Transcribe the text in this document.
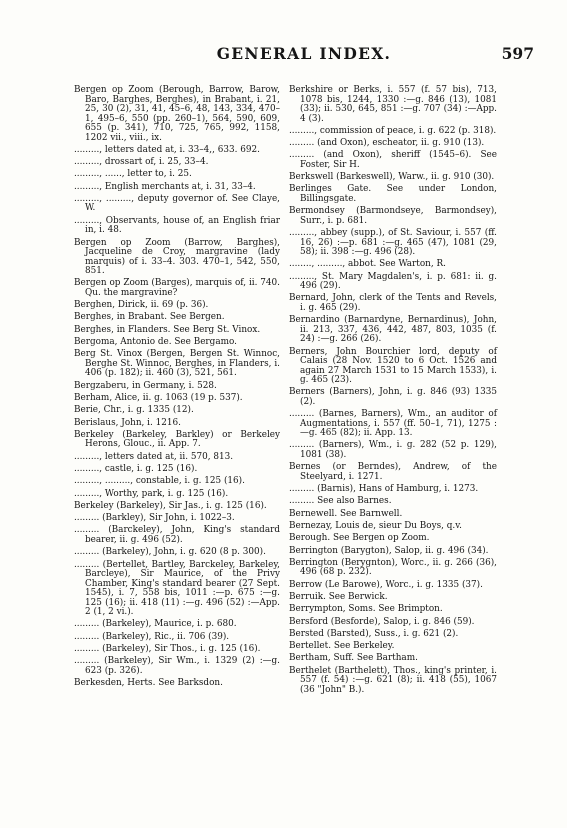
GENERAL INDEX.	597

Bergen op Zoom (Berough, Barrow, Barow, Baro, Barghes, Berghes), in Brabant, i. 21, 25, 30 (2), 31, 41, 45–6, 48, 143, 334, 470–1, 495–6, 550 (pp. 260–1), 564, 590, 609, 655 (p. 341), 710, 725, 765, 992, 1158, 1202 vii., viii., ix.

........., letters dated at, i. 33–4,, 633. 692.

........., drossart of, i. 25, 33–4.

........., ......, letter to, i. 25.

........., English merchants at, i. 31, 33–4.

........., ........., deputy governor of. See Claye, W.

........., Observants, house of, an English friar in, i. 48.

Bergen op Zoom (Barrow, Barghes), Jacqueline de Croy, margravine (lady marquis) of i. 33–4. 303. 470–1, 542, 550, 851.

Bergen op Zoom (Barges), marquis of, ii. 740. Qu. the margravine?

Berghen, Dirick, ii. 69 (p. 36).

Berghes, in Brabant. See Bergen.

Berghes, in Flanders. See Berg St. Vinox.

Bergoma, Antonio de. See Bergamo.

Berg St. Vinox (Bergen, Bergen St. Winnoc, Berghe St. Winnoc, Berghes, in Flanders, i. 406 (p. 182); ii. 460 (3), 521, 561.

Bergzaberu, in Germany, i. 528.

Berham, Alice, ii. g. 1063 (19 p. 537).

Berie, Chr., i. g. 1335 (12).

Berislaus, John, i. 1216.

Berkeley (Barkeley, Barkley) or Berkeley Herons, Glouc., ii. App. 7.

........., letters dated at, ii. 570, 813.

........., castle, i. g. 125 (16).

........., ........., constable, i. g. 125 (16).

........., Worthy, park, i. g. 125 (16).

Berkeley (Barkeley), Sir Jas., i. g. 125 (16).

......... (Barkley), Sir John, i. 1022–3.

......... (Barckeley), John, King's standard bearer, ii. g. 496 (52).

......... (Barkeley), John, i. g. 620 (8 p. 300).

......... (Bertellet, Bartley, Barckeley, Barkeley, Barcleye), Sir Maurice, of the Privy Chamber, King's standard bearer (27 Sept. 1545), i. 7, 558 bis, 1011 :—p. 675 :—g. 125 (16); ii. 418 (11) :—g. 496 (52) :—App. 2 (1, 2 vi.).

......... (Barkeley), Maurice, i. p. 680.

......... (Barkeley), Ric., ii. 706 (39).

......... (Barkeley), Sir Thos., i. g. 125 (16).

......... (Barkeley), Sir Wm., i. 1329 (2) :—g. 623 (p. 326).

Berkesden, Herts. See Barksdon.

Berkshire or Berks, i. 557 (f. 57 bis), 713, 1078 bis, 1244, 1330 :—g. 846 (13), 1081 (33); ii. 530, 645, 851 :—g. 707 (34) :—App. 4 (3).

........., commission of peace, i. g. 622 (p. 318).

......... (and Oxon), escheator, ii. g. 910 (13).

......... (and Oxon), sheriff (1545–6). See Foster, Sir H.

Berkswell (Barkeswell), Warw., ii. g. 910 (30).

Berlinges Gate. See under London, Billingsgate.

Bermondsey (Barmondseye, Barmondsey), Surr., i. p. 681.

........., abbey (supp.), of St. Saviour, i. 557 (ff. 16, 26) :—p. 681 :—g. 465 (47), 1081 (29, 58); ii. 398 :—g. 496 (28).

........, ........., abbot. See Warton, R.

........., St. Mary Magdalen's, i. p. 681: ii. g. 496 (29).

Bernard, John, clerk of the Tents and Revels, i. g. 465 (29).

Bernardino (Barnardyne, Bernardinus), John, ii. 213, 337, 436, 442, 487, 803, 1035 (f. 24) :—g. 266 (26).

Berners, John Bourchier lord, deputy of Calais (28 Nov. 1520 to 6 Oct. 1526 and again 27 March 1531 to 15 March 1533), i. g. 465 (23).

Berners (Barners), John, i. g. 846 (93) 1335 (2).

......... (Barnes, Barners), Wm., an auditor of Augmentations, i. 557 (ff. 50–1, 71), 1275 :—g. 465 (82); ii. App. 13.

......... (Barners), Wm., i. g. 282 (52 p. 129), 1081 (38).

Bernes (or Berndes), Andrew, of the Steelyard, i. 1271.

......... (Barnis), Hans of Hamburg, i. 1273.

......... See also Barnes.

Bernewell. See Barnwell.

Bernezay, Louis de, sieur Du Boys, q.v.

Berough. See Bergen op Zoom.

Berrington (Barygton), Salop, ii. g. 496 (34).

Berrington (Berygnton), Worc., ii. g. 266 (36), 496 (68 p. 232).

Berrow (Le Barowe), Worc., i. g. 1335 (37).

Berruik. See Berwick.

Berrympton, Soms. See Brimpton.

Bersford (Besforde), Salop, i. g. 846 (59).

Bersted (Barsted), Suss., i. g. 621 (2).

Bertellet. See Berkeley.

Bertham, Suff. See Bartham.

Berthelet (Barthelett), Thos., king's printer, i. 557 (f. 54) :—g. 621 (8); ii. 418 (55), 1067 (36 "John" B.).
